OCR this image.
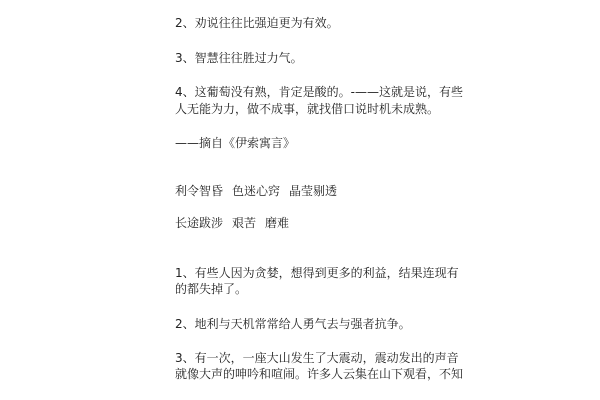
2、劝说往往比强迫更为有效。
3、智慧往往胜过力气。
4、这葡萄没有熟，肯定是酸的。-——这就是说，有些
人无能为力，做不成事，就找借口说时机未成熟。
——摘自《伊索寓言》
利令智昏 色迷心窍 晶莹剔透
长途跋涉 艰苦 磨难
1、有些人因为贪婪，想得到更多的利益，结果连现有
的都失掉了。
2、地利与天机常常给人勇气去与强者抗争。
3、有一次，一座大山发生了大震动，震动发出的声音
就像大声的呻吟和喧闹。许多人云集在山下观看，不知
